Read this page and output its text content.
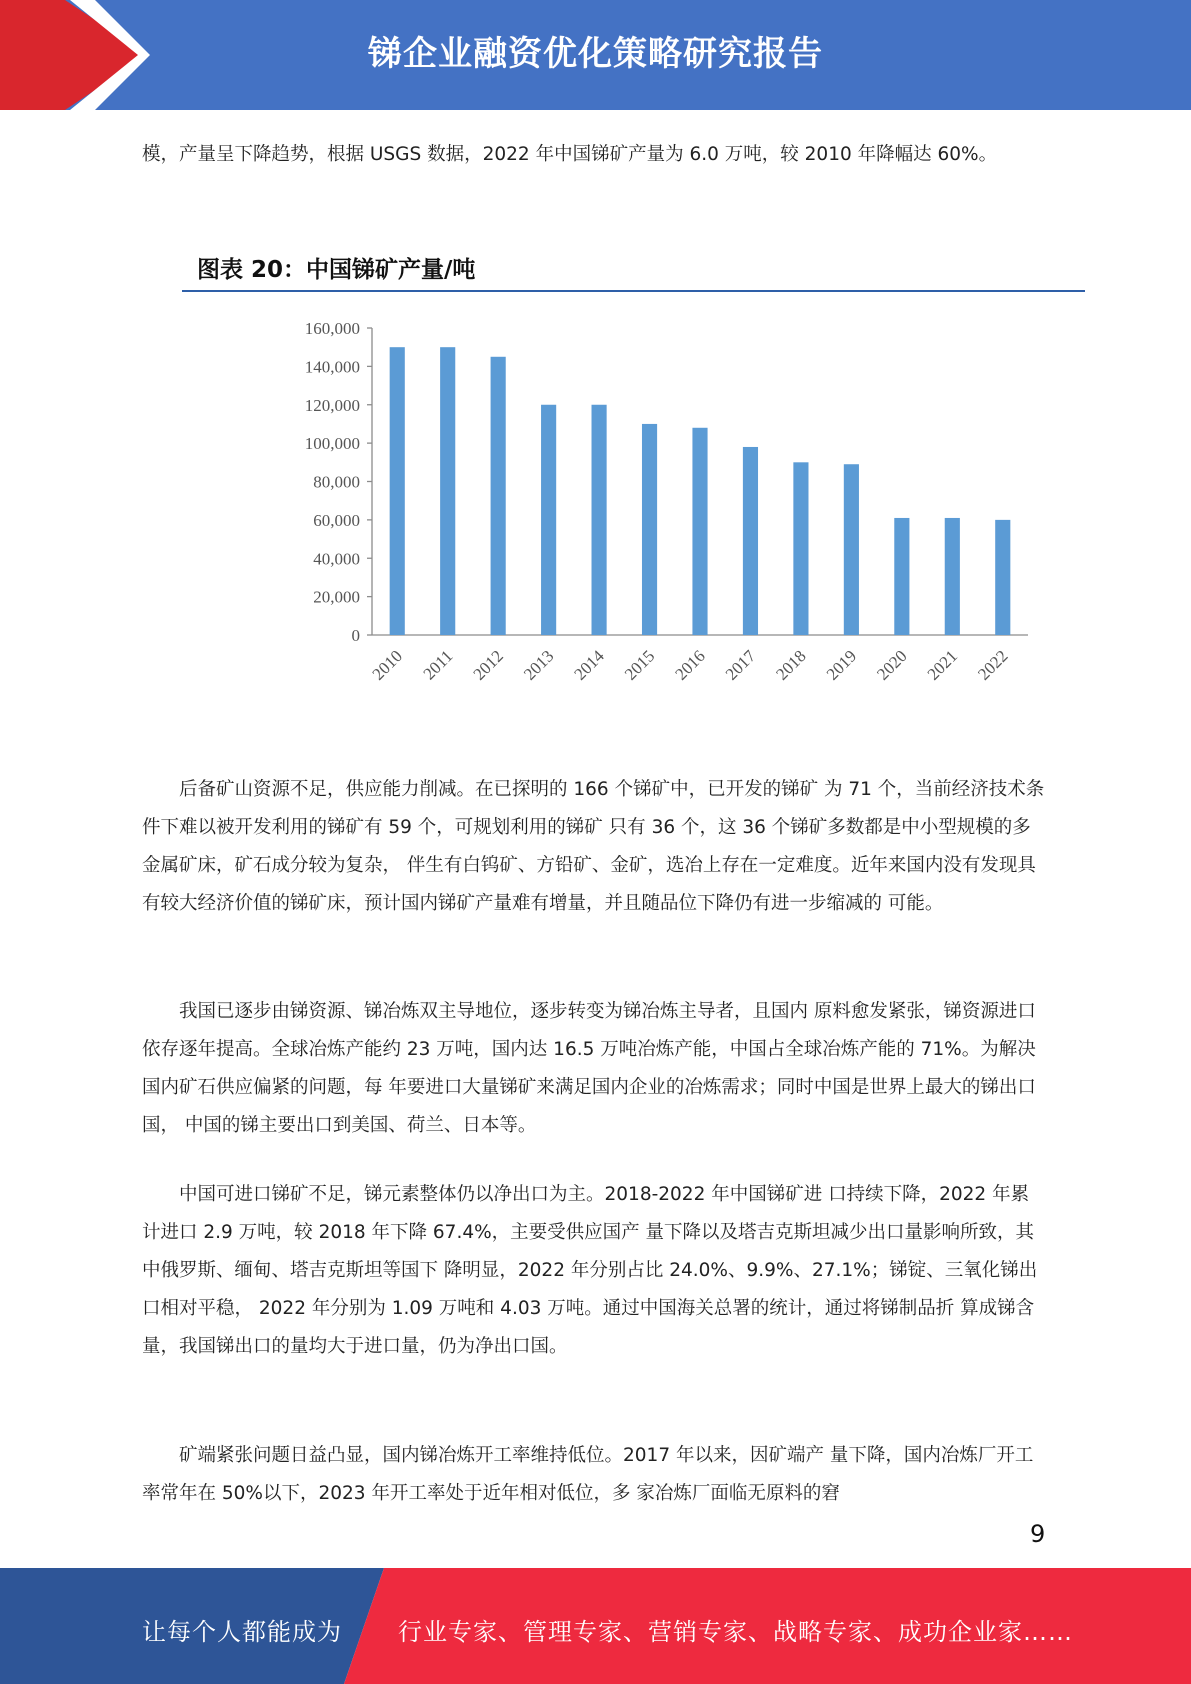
锑企业融资优化策略研究报告

模，产量呈下降趋势，根据 USGS 数据，2022 年中国锑矿产量为 6.0 万吨，较 2010 年降幅达 60%。

图表 20：中国锑矿产量/吨
0
20,000
40,000
60,000
80,000
100,000
120,000
140,000
160,000
2010 2011 2012 2013 2014 2015 2016 2017 2018 2019 2020 2021 2022

后备矿山资源不足，供应能力削减。在已探明的 166 个锑矿中，已开发的锑矿 为 71 个，当前经济技术条件下难以被开发利用的锑矿有 59 个，可规划利用的锑矿 只有 36 个，这 36 个锑矿多数都是中小型规模的多金属矿床，矿石成分较为复杂， 伴生有白钨矿、方铅矿、金矿，选冶上存在一定难度。近年来国内没有发现具有较大经济价值的锑矿床，预计国内锑矿产量难有增量，并且随品位下降仍有进一步缩减的 可能。

我国已逐步由锑资源、锑冶炼双主导地位，逐步转变为锑冶炼主导者，且国内 原料愈发紧张，锑资源进口依存逐年提高。全球冶炼产能约 23 万吨，国内达 16.5 万吨冶炼产能，中国占全球冶炼产能的 71%。为解决国内矿石供应偏紧的问题，每 年要进口大量锑矿来满足国内企业的冶炼需求；同时中国是世界上最大的锑出口国， 中国的锑主要出口到美国、荷兰、日本等。

中国可进口锑矿不足，锑元素整体仍以净出口为主。2018-2022 年中国锑矿进 口持续下降，2022 年累计进口 2.9 万吨，较 2018 年下降 67.4%，主要受供应国产 量下降以及塔吉克斯坦减少出口量影响所致，其中俄罗斯、缅甸、塔吉克斯坦等国下 降明显，2022 年分别占比 24.0%、9.9%、27.1%；锑锭、三氧化锑出口相对平稳， 2022 年分别为 1.09 万吨和 4.03 万吨。通过中国海关总署的统计，通过将锑制品折 算成锑含量，我国锑出口的量均大于进口量，仍为净出口国。

矿端紧张问题日益凸显，国内锑冶炼开工率维持低位。2017 年以来，因矿端产 量下降，国内冶炼厂开工率常年在 50%以下，2023 年开工率处于近年相对低位，多 家冶炼厂面临无原料的窘

9
让每个人都能成为 行业专家、管理专家、营销专家、战略专家、成功企业家……
